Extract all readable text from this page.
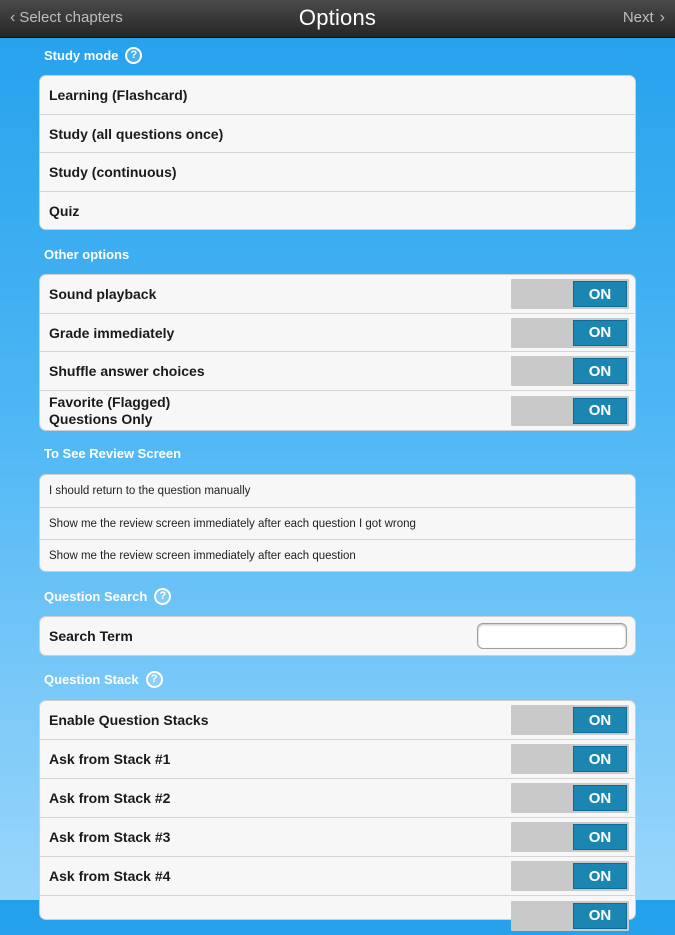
‹ Select chapters	Options	Next ›
Study mode	?
Learning (Flashcard)
Study (all questions once)
Study (continuous)
Quiz
Other options
Sound playback	ON
Grade immediately	ON
Shuffle answer choices	ON
Favorite (Flagged)
Questions Only	ON
To See Review Screen
I should return to the question manually
Show me the review screen immediately after each question I got wrong
Show me the review screen immediately after each question
Question Search	?
Search Term
Question Stack	?
Enable Question Stacks	ON
Ask from Stack #1	ON
Ask from Stack #2	ON
Ask from Stack #3	ON
Ask from Stack #4	ON
ON
